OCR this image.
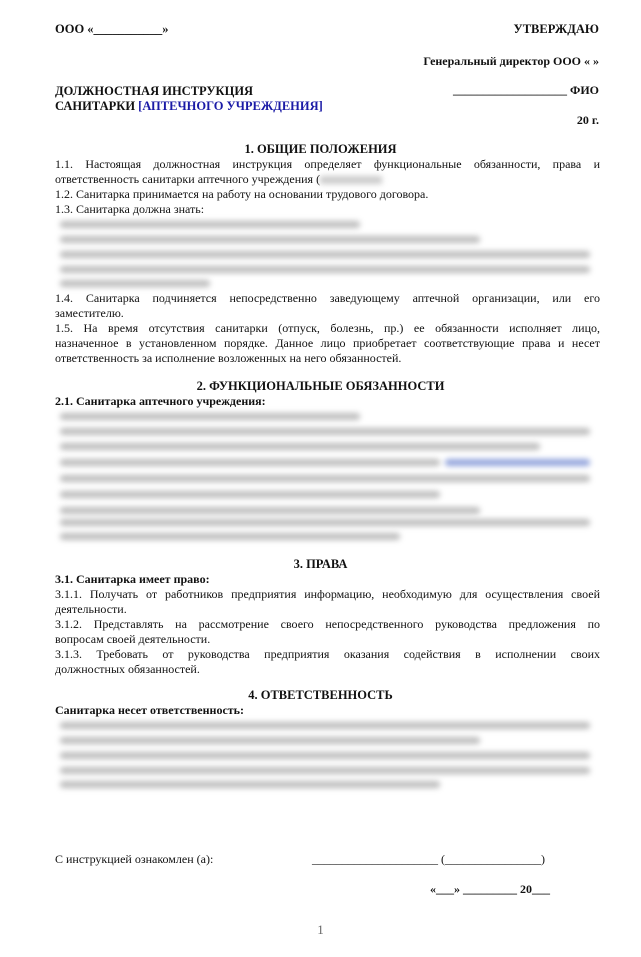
ООО «___________»	УТВЕРЖДАЮ
Генеральный директор ООО « »
ДОЛЖНОСТНАЯ ИНСТРУКЦИЯ
САНИТАРКИ [АПТЕЧНОГО УЧРЕЖДЕНИЯ]
___________________ ФИО
20 г.
1. ОБЩИЕ ПОЛОЖЕНИЯ
1.1. Настоящая должностная инструкция определяет функциональные обязанности, права и
ответственность санитарки аптечного учреждения (
1.2. Санитарка принимается на работу на основании трудового договора.
1.3. Санитарка должна знать:
1.4. Санитарка подчиняется непосредственно заведующему аптечной организации, или его
заместителю.
1.5. На время отсутствия санитарки (отпуск, болезнь, пр.) ее обязанности исполняет лицо,
назначенное в установленном порядке. Данное лицо приобретает соответствующие права и несет
ответственность за исполнение возложенных на него обязанностей.
2. ФУНКЦИОНАЛЬНЫЕ ОБЯЗАННОСТИ
2.1. Санитарка аптечного учреждения:
3. ПРАВА
3.1. Санитарка имеет право:
3.1.1. Получать от работников предприятия информацию, необходимую для осуществления своей
деятельности.
3.1.2. Представлять на рассмотрение своего непосредственного руководства предложения по
вопросам своей деятельности.
3.1.3. Требовать от руководства предприятия оказания содействия в исполнении своих
должностных обязанностей.
4. ОТВЕТСТВЕННОСТЬ
Санитарка несет ответственность:
С инструкцией ознакомлен (а):	_____________________ (________________)
«___» _________ 20___
1
